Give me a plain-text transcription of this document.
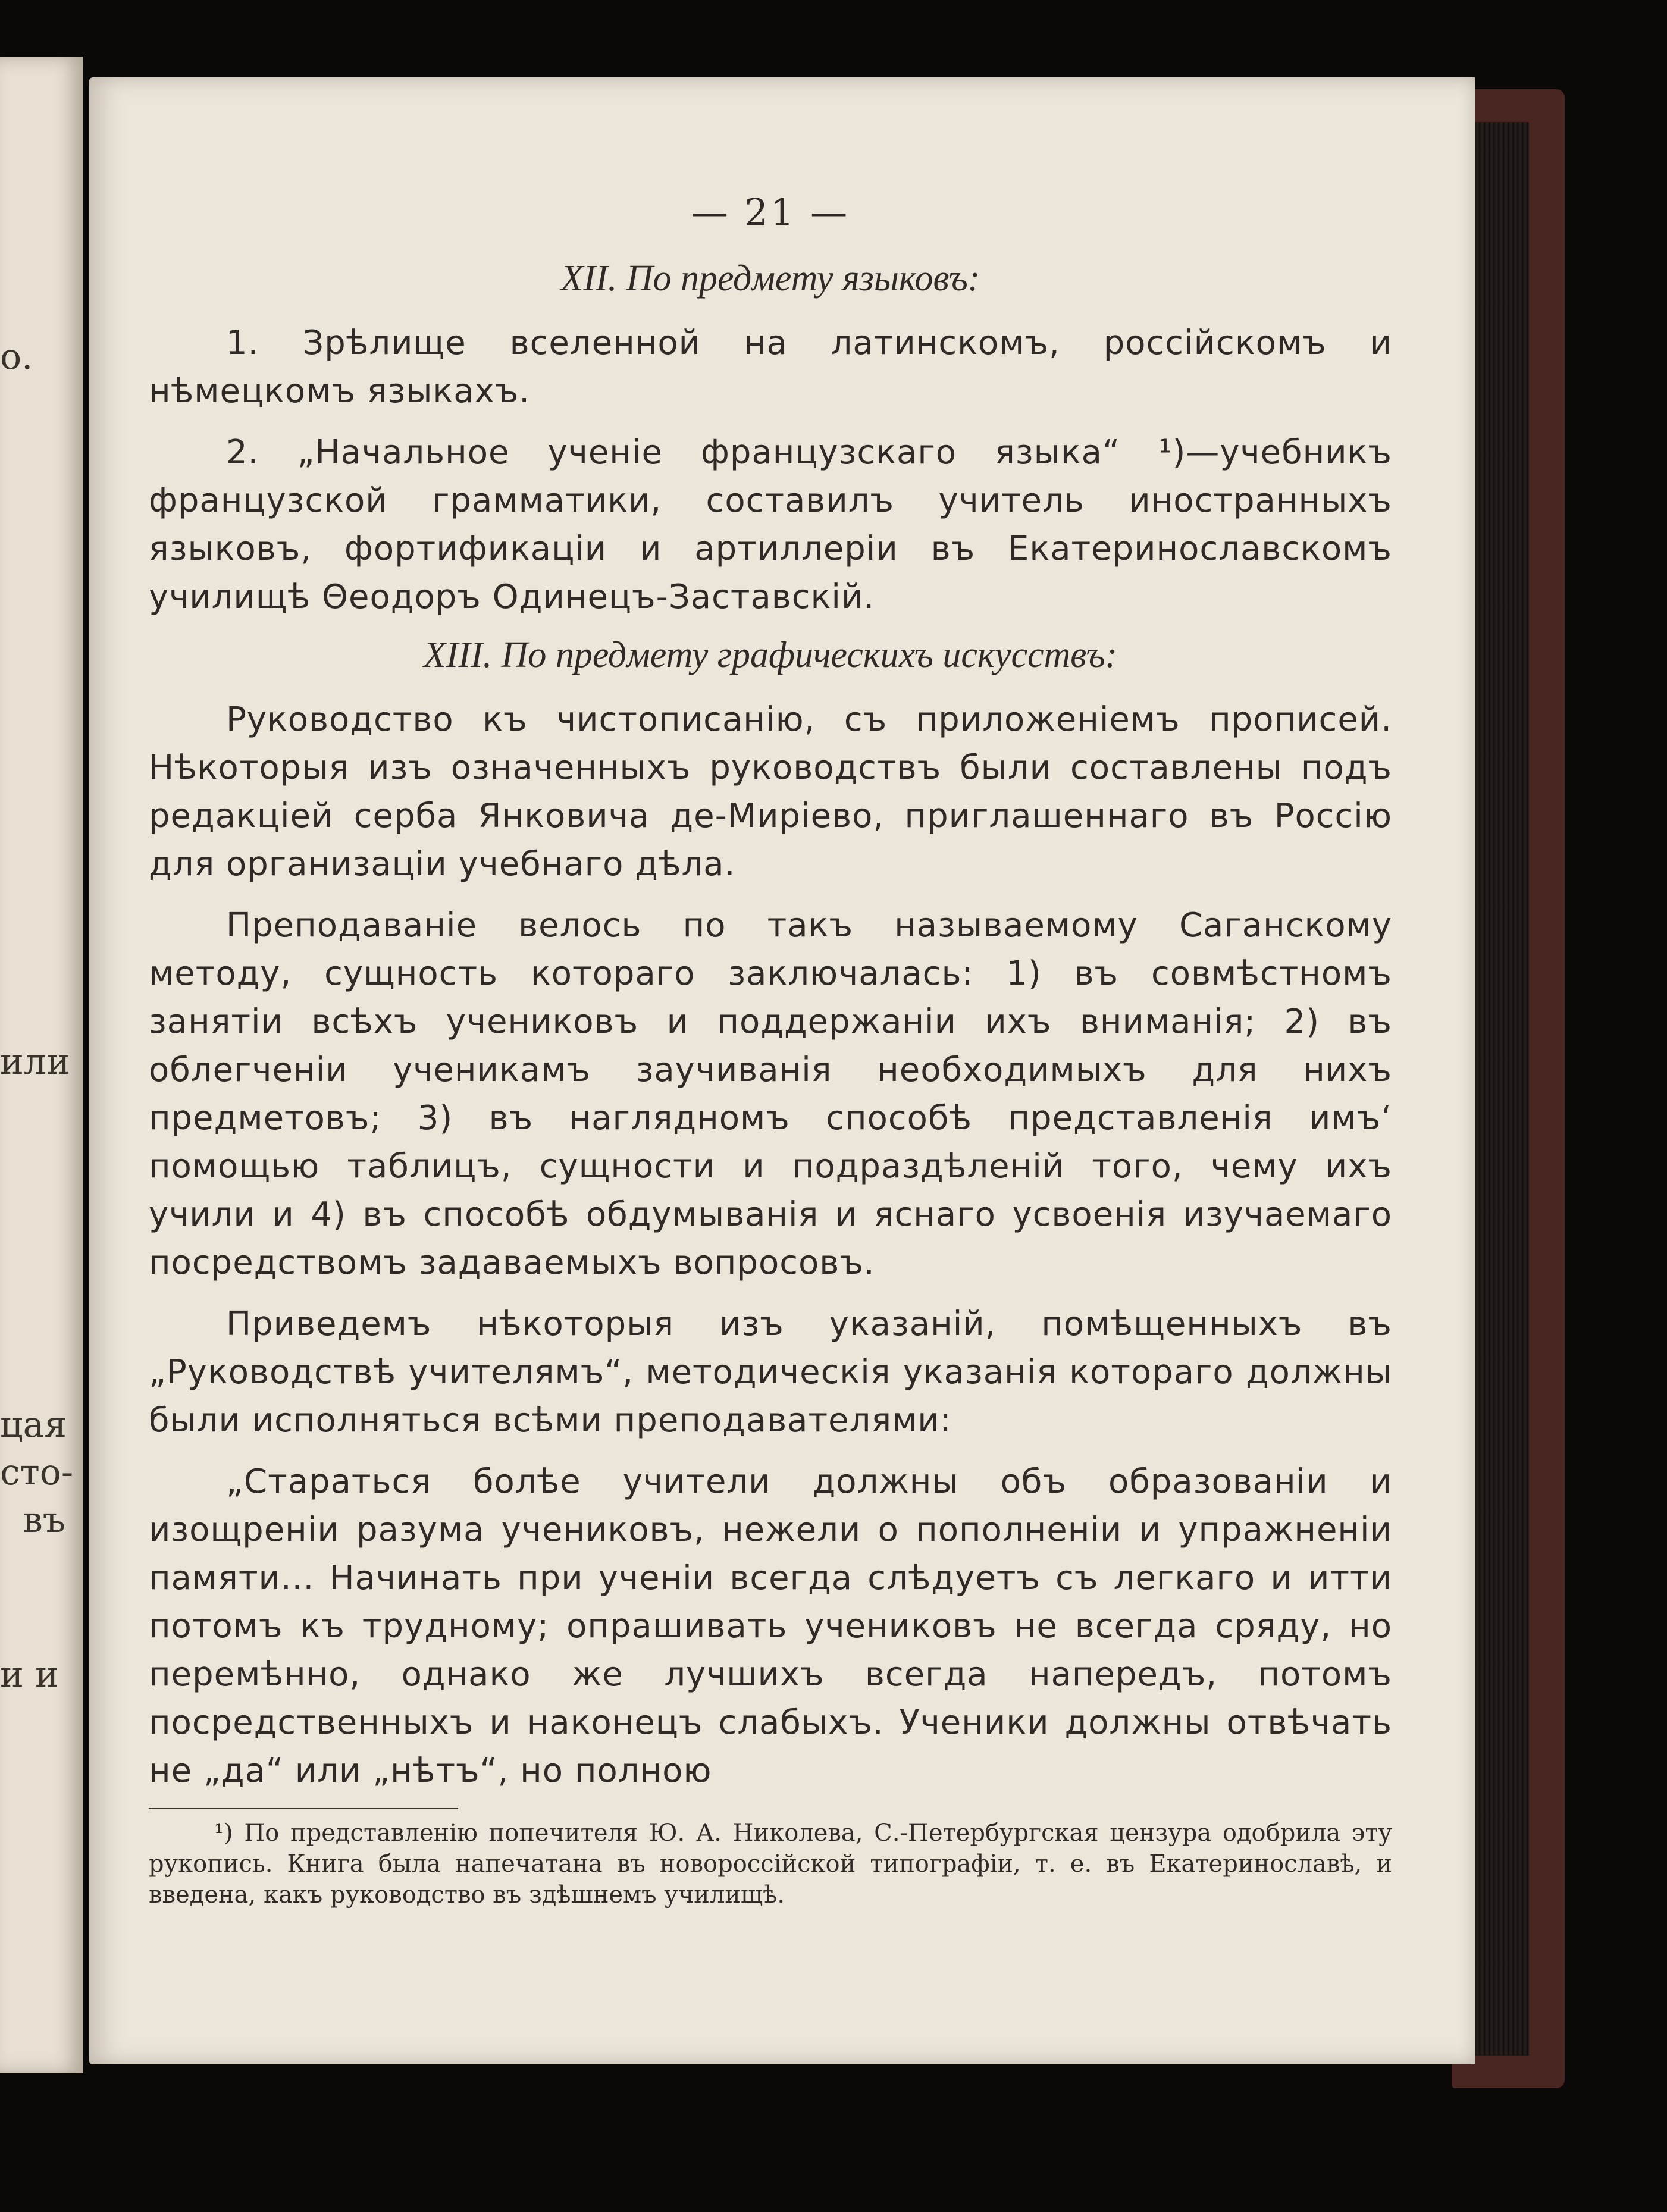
о.
или
цая
сто-
въ
и и
— 21 —
XII. По предмету языковъ:

1. Зрѣлище вселенной на латинскомъ, россійскомъ и нѣмецкомъ языкахъ.

2. „Начальное ученіе французскаго языка“ ¹)—учебникъ французской грамматики, составилъ учитель иностранныхъ языковъ, фортификаціи и артиллеріи въ Екатеринославскомъ училищѣ Θеодоръ Одинецъ-Заставскій.

XIII. По предмету графическихъ искусствъ:

Руководство къ чистописанію, съ приложеніемъ прописей. Нѣкоторыя изъ означенныхъ руководствъ были составлены подъ редакціей серба Янковича де-Миріево, приглашеннаго въ Россію для организаціи учебнаго дѣла.

Преподаваніе велось по такъ называемому Саганскому методу, сущность котораго заключалась: 1) въ совмѣстномъ занятіи всѣхъ учениковъ и поддержаніи ихъ вниманія; 2) въ облегченіи ученикамъ заучиванія необходимыхъ для нихъ предметовъ; 3) въ наглядномъ способѣ представленія имъ‘ помощью таблицъ, сущности и подраздѣленій того, чему ихъ учили и 4) въ способѣ обдумыванія и яснаго усвоенія изучаемаго посредствомъ задаваемыхъ вопросовъ.

Приведемъ нѣкоторыя изъ указаній, помѣщенныхъ въ „Руководствѣ учителямъ“, методическія указанія котораго должны были исполняться всѣми преподавателями:

„Стараться болѣе учители должны объ образованіи и изощреніи разума учениковъ, нежели о пополненіи и упражненіи памяти... Начинать при ученіи всегда слѣдуетъ съ легкаго и итти потомъ къ трудному; опрашивать учениковъ не всегда сряду, но перемѣнно, однако же лучшихъ всегда напередъ, потомъ посредственныхъ и наконецъ слабыхъ. Ученики должны отвѣчать не „да“ или „нѣтъ“, но полною

¹) По представленію попечителя Ю. А. Николева, С.-Петербургская цензура одобрила эту рукопись. Книга была напечатана въ новороссійской типографіи, т. е. въ Екатеринославѣ, и введена, какъ руководство въ здѣшнемъ училищѣ.
